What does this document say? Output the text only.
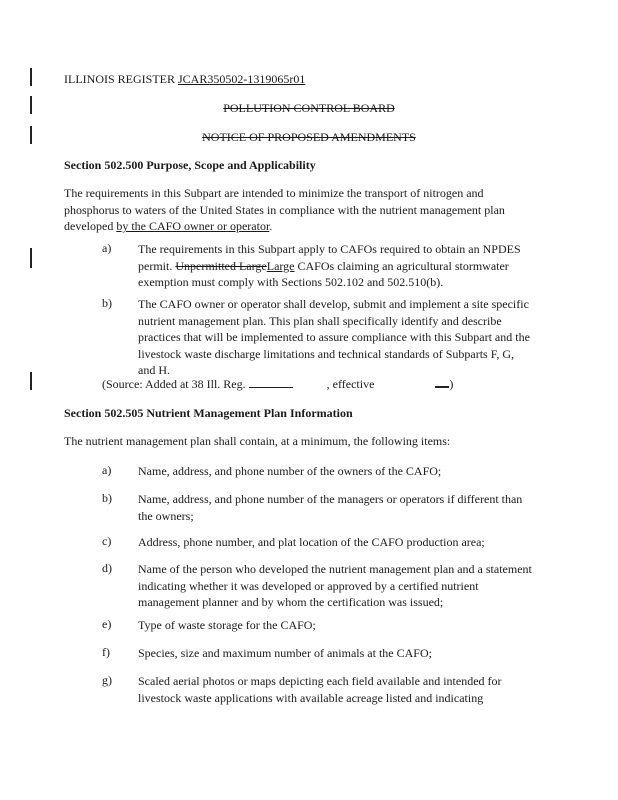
ILLINOIS REGISTER JCAR350502-1319065r01
POLLUTION CONTROL BOARD
NOTICE OF PROPOSED AMENDMENTS
Section 502.500 Purpose, Scope and Applicability
The requirements in this Subpart are intended to minimize the transport of nitrogen and
phosphorus to waters of the United States in compliance with the nutrient management plan
developed by the CAFO owner or operator.
a) The requirements in this Subpart apply to CAFOs required to obtain an NPDES
permit. Unpermitted LargeLarge CAFOs claiming an agricultural stormwater
exemption must comply with Sections 502.102 and 502.510(b).
b) The CAFO owner or operator shall develop, submit and implement a site specific
nutrient management plan. This plan shall specifically identify and describe
practices that will be implemented to assure compliance with this Subpart and the
livestock waste discharge limitations and technical standards of Subparts F, G,
and H.
(Source: Added at 38 Ill. Reg.	, effective	)
Section 502.505 Nutrient Management Plan Information
The nutrient management plan shall contain, at a minimum, the following items:
a) Name, address, and phone number of the owners of the CAFO;
b) Name, address, and phone number of the managers or operators if different than
the owners;
c) Address, phone number, and plat location of the CAFO production area;
d) Name of the person who developed the nutrient management plan and a statement
indicating whether it was developed or approved by a certified nutrient
management planner and by whom the certification was issued;
e) Type of waste storage for the CAFO;
f) Species, size and maximum number of animals at the CAFO;
g) Scaled aerial photos or maps depicting each field available and intended for
livestock waste applications with available acreage listed and indicating
